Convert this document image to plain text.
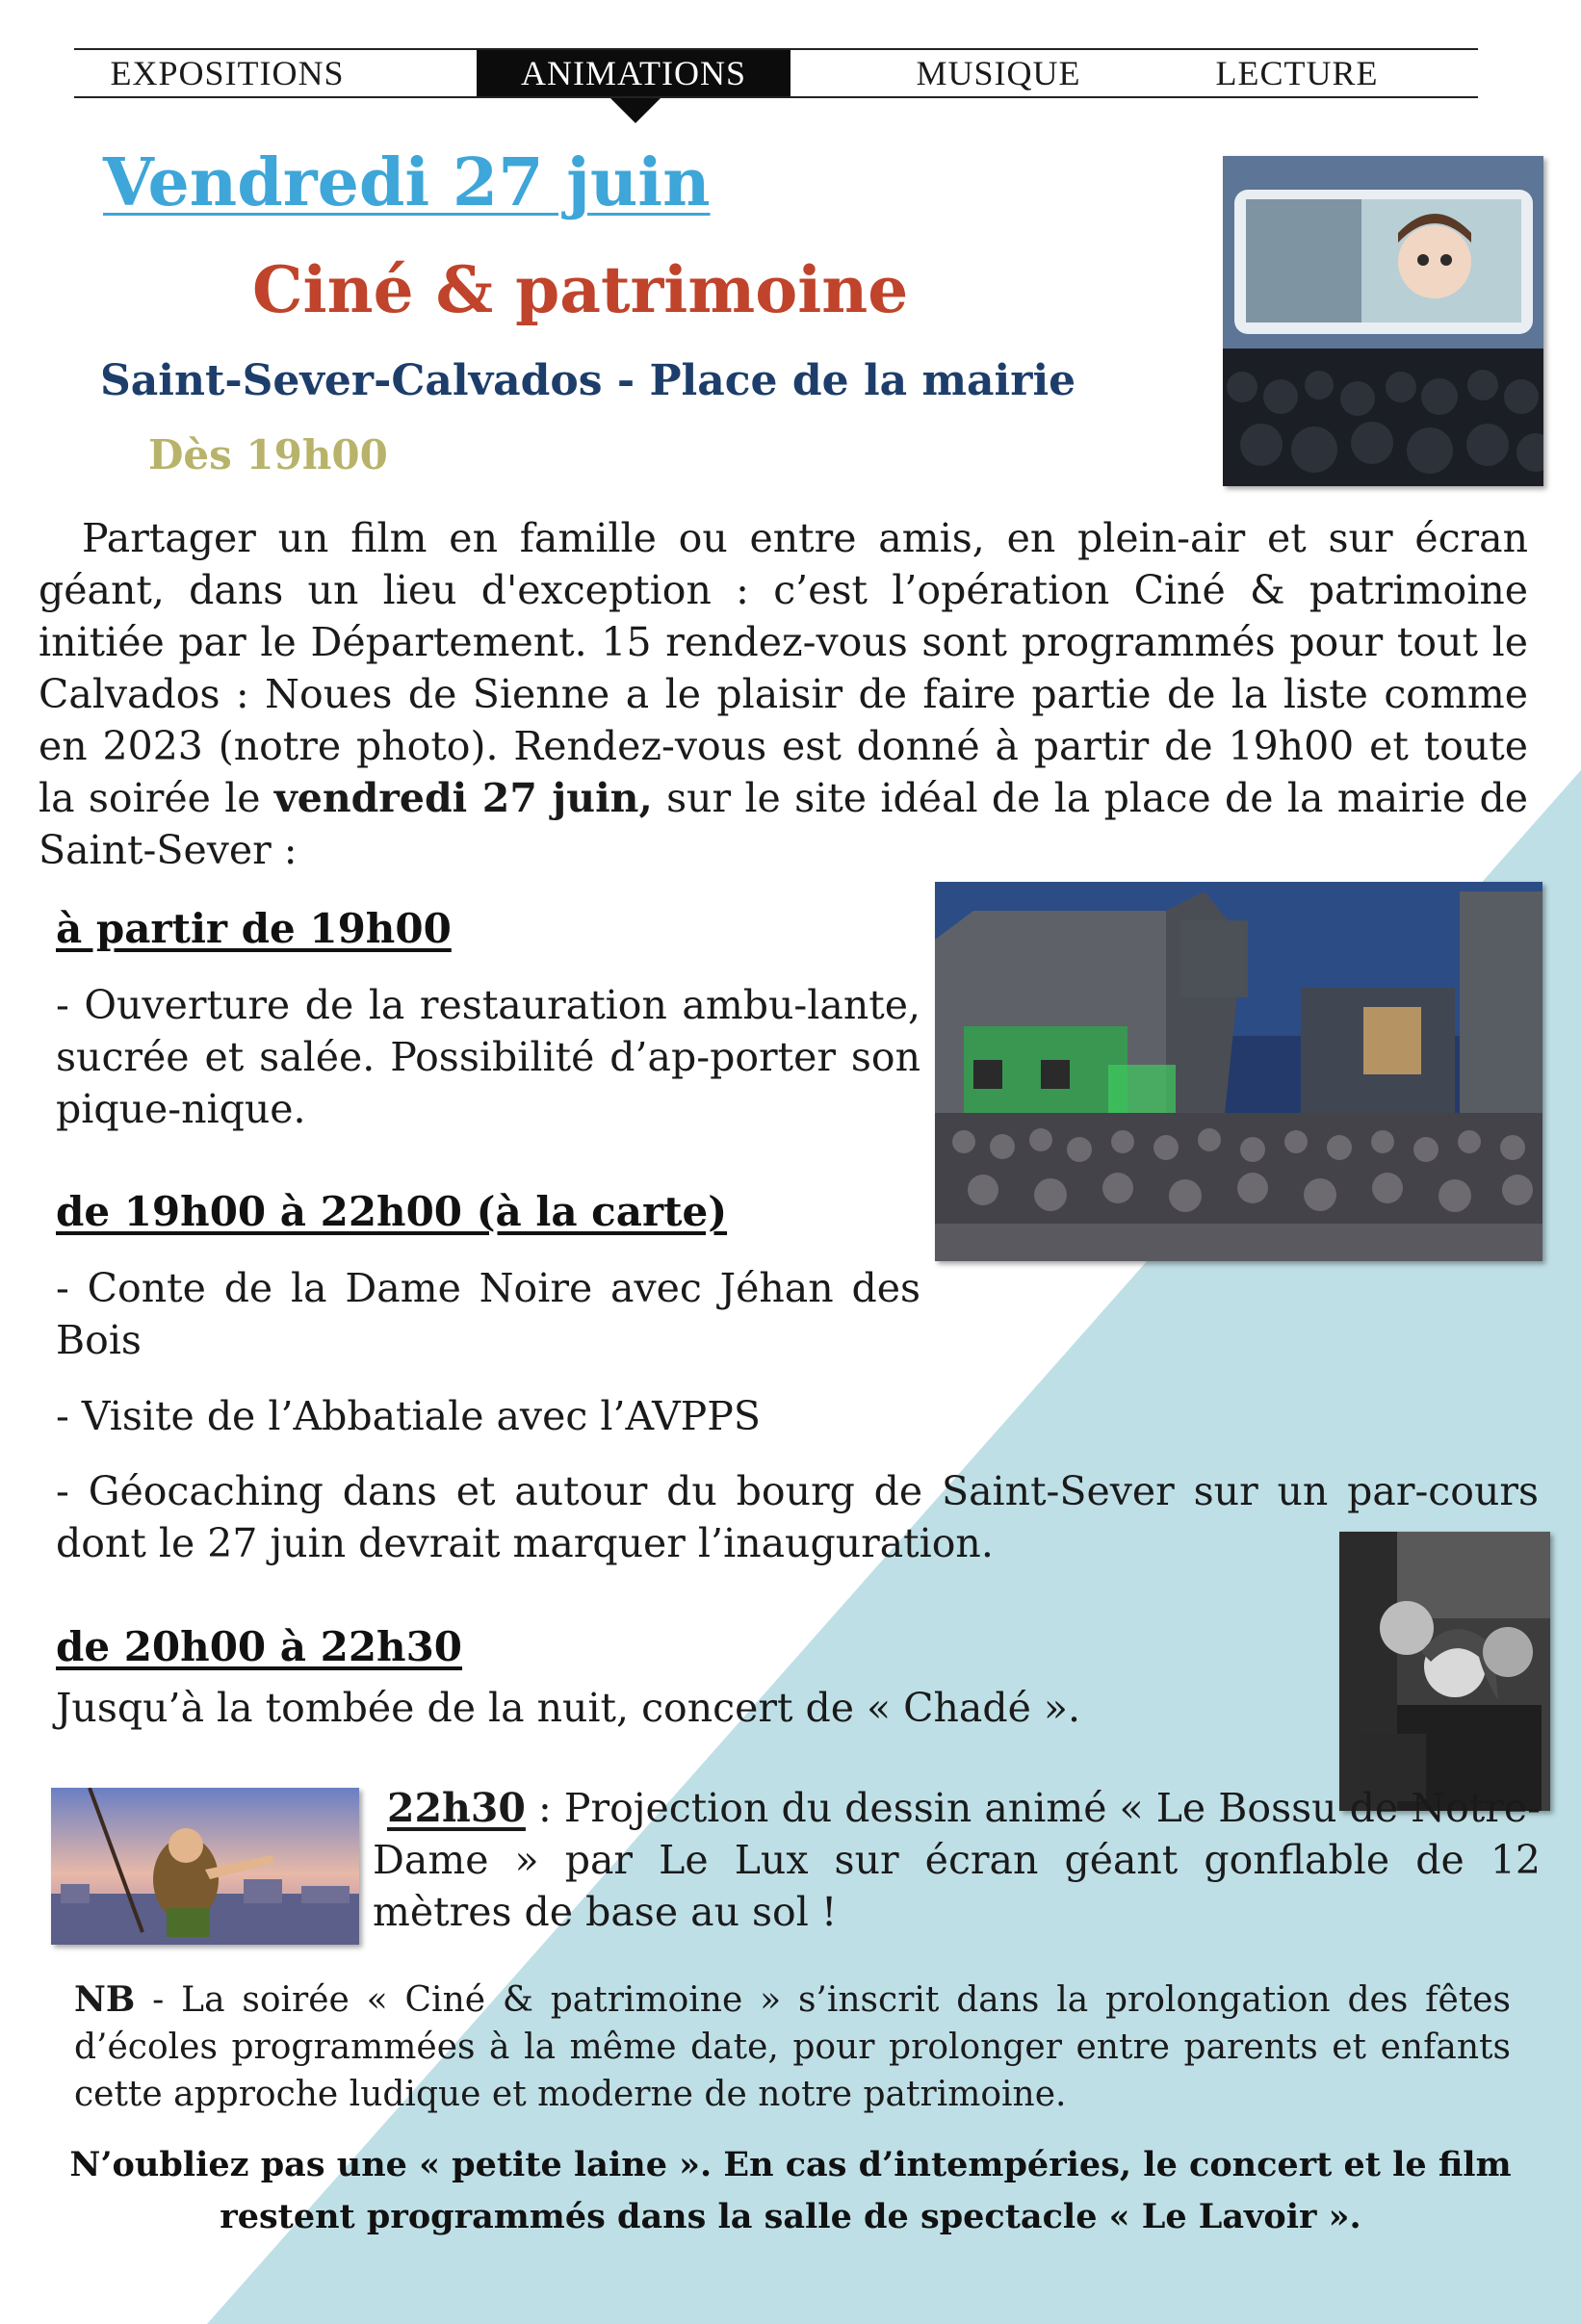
EXPOSITIONS	ANIMATIONS	MUSIQUE	LECTURE
Vendredi 27 juin
Ciné & patrimoine
Saint-Sever-Calvados - Place de la mairie
Dès 19h00
Partager un film en famille ou entre amis, en plein-air et sur écran géant, dans un lieu d'exception : c’est l’opération Ciné & patrimoine initiée par le Département. 15 rendez-vous sont programmés pour tout le Calvados : Noues de Sienne a le plaisir de faire partie de la liste comme en 2023 (notre photo). Rendez-vous est donné à partir de 19h00 et toute la soirée le vendredi 27 juin, sur le site idéal de la place de la mairie de Saint-Sever :
à partir de 19h00
- Ouverture de la restauration ambu-lante, sucrée et salée. Possibilité d’ap-porter son pique-nique.
de 19h00 à 22h00 (à la carte)
- Conte de la Dame Noire avec Jéhan des Bois
- Visite de l’Abbatiale avec l’AVPPS
- Géocaching dans et autour du bourg de Saint-Sever sur un par-cours dont le 27 juin devrait marquer l’inauguration.
de 20h00 à 22h30
Jusqu’à la tombée de la nuit, concert de « Chadé ».
22h30 : Projection du dessin animé « Le Bossu de Notre-Dame » par Le Lux sur écran géant gonflable de 12 mètres de base au sol !
NB - La soirée « Ciné & patrimoine » s’inscrit dans la prolongation des fêtes d’écoles programmées à la même date, pour prolonger entre parents et enfants cette approche ludique et moderne de notre patrimoine.
N’oubliez pas une « petite laine ». En cas d’intempéries, le concert et le film
restent programmés dans la salle de spectacle « Le Lavoir ».
